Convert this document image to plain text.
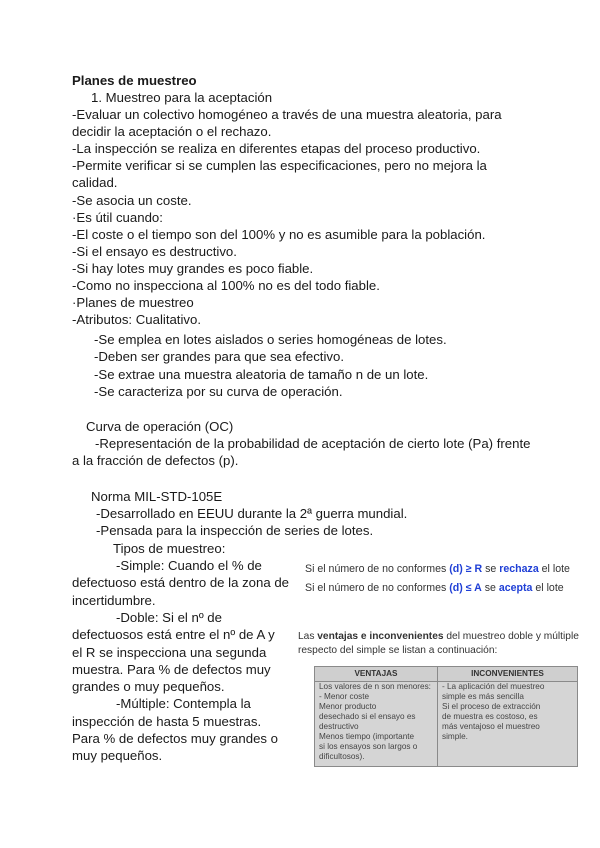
Planes de muestreo
1. Muestreo para la aceptación
-Evaluar un colectivo homogéneo a través de una muestra aleatoria, para
decidir la aceptación o el rechazo.
-La inspección se realiza en diferentes etapas del proceso productivo.
-Permite verificar si se cumplen las especificaciones, pero no mejora la
calidad.
-Se asocia un coste.
·Es útil cuando:
-El coste o el tiempo son del 100% y no es asumible para la población.
-Si el ensayo es destructivo.
-Si hay lotes muy grandes es poco fiable.
-Como no inspecciona al 100% no es del todo fiable.
·Planes de muestreo
-Atributos: Cualitativo.
-Se emplea en lotes aislados o series homogéneas de lotes.
-Deben ser grandes para que sea efectivo.
-Se extrae una muestra aleatoria de tamaño n de un lote.
-Se caracteriza por su curva de operación.
Curva de operación (OC)
-Representación de la probabilidad de aceptación de cierto lote (Pa) frente
a la fracción de defectos (p).
Norma MIL-STD-105E
-Desarrollado en EEUU durante la 2ª guerra mundial.
-Pensada para la inspección de series de lotes.
Tipos de muestreo:
-Simple: Cuando el % de
defectuoso está dentro de la zona de
incertidumbre.
-Doble: Si el nº de
defectuosos está entre el nº de A y
el R se inspecciona una segunda
muestra. Para % de defectos muy
grandes o muy pequeños.
-Múltiple: Contempla la
inspección de hasta 5 muestras.
Para % de defectos muy grandes o
muy pequeños.
Si el número de no conformes (d) ≥ R se rechaza el lote
Si el número de no conformes (d) ≤ A se acepta el lote
Las ventajas e inconvenientes del muestreo doble y múltiple
respecto del simple se listan a continuación:
VENTAJAS	INCONVENIENTES
Los valores de n son menores:
- Menor coste
Menor producto
desechado si el ensayo es
destructivo
Menos tiempo (importante
si los ensayos son largos o
dificultosos).
- La aplicación del muestreo
simple es más sencilla
Si el proceso de extracción
de muestra es costoso, es
más ventajoso el muestreo
simple.
